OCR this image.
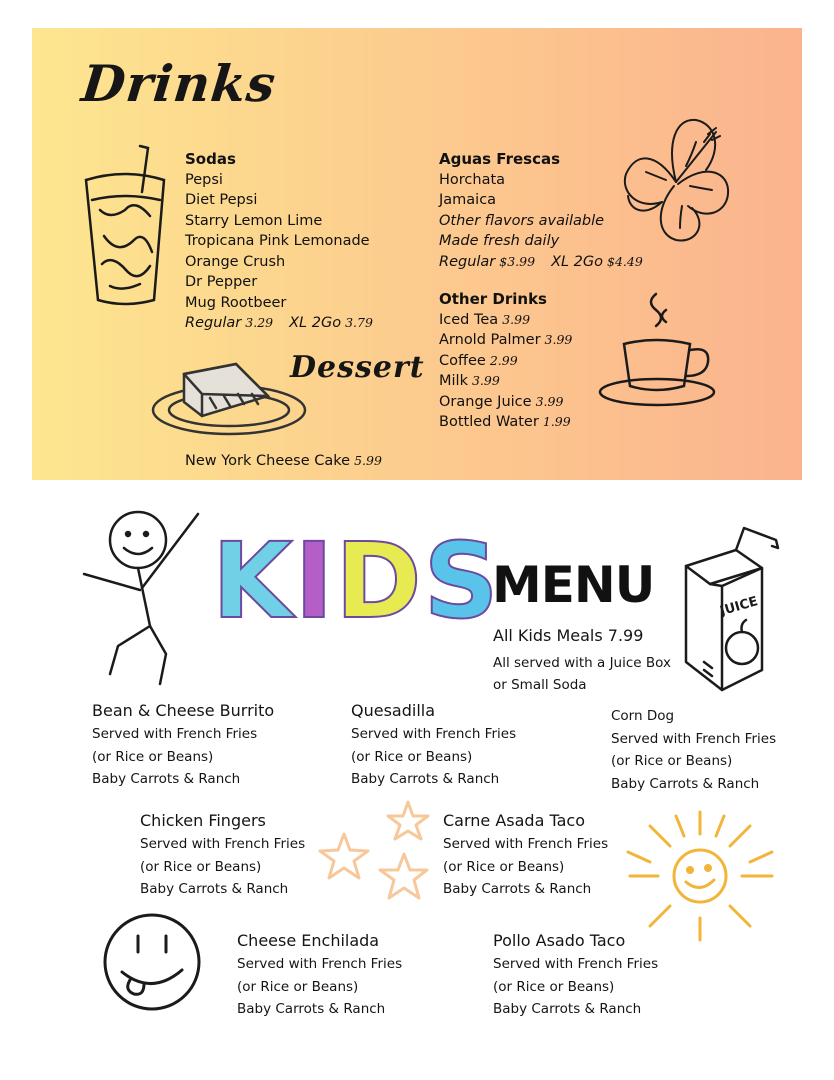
Drinks
Sodas
Pepsi
Diet Pepsi
Starry Lemon Lime
Tropicana Pink Lemonade
Orange Crush
Dr Pepper
Mug Rootbeer
Regular 3.29 XL 2Go 3.79
Aguas Frescas
Horchata
Jamaica
Other flavors available
Made fresh daily
Regular $3.99 XL 2Go $4.49
Other Drinks
Iced Tea 3.99
Arnold Palmer 3.99
Coffee 2.99
Milk 3.99
Orange Juice 3.99
Bottled Water 1.99
Dessert
New York Cheese Cake 5.99
K I D S
MENU
All Kids Meals 7.99
All served with a Juice Box
or Small Soda
JUICE
Bean & Cheese Burrito
Served with French Fries
(or Rice or Beans)
Baby Carrots & Ranch
Quesadilla
Served with French Fries
(or Rice or Beans)
Baby Carrots & Ranch
Corn Dog
Served with French Fries
(or Rice or Beans)
Baby Carrots & Ranch
Chicken Fingers
Served with French Fries
(or Rice or Beans)
Baby Carrots & Ranch
Carne Asada Taco
Served with French Fries
(or Rice or Beans)
Baby Carrots & Ranch
Cheese Enchilada
Served with French Fries
(or Rice or Beans)
Baby Carrots & Ranch
Pollo Asado Taco
Served with French Fries
(or Rice or Beans)
Baby Carrots & Ranch
